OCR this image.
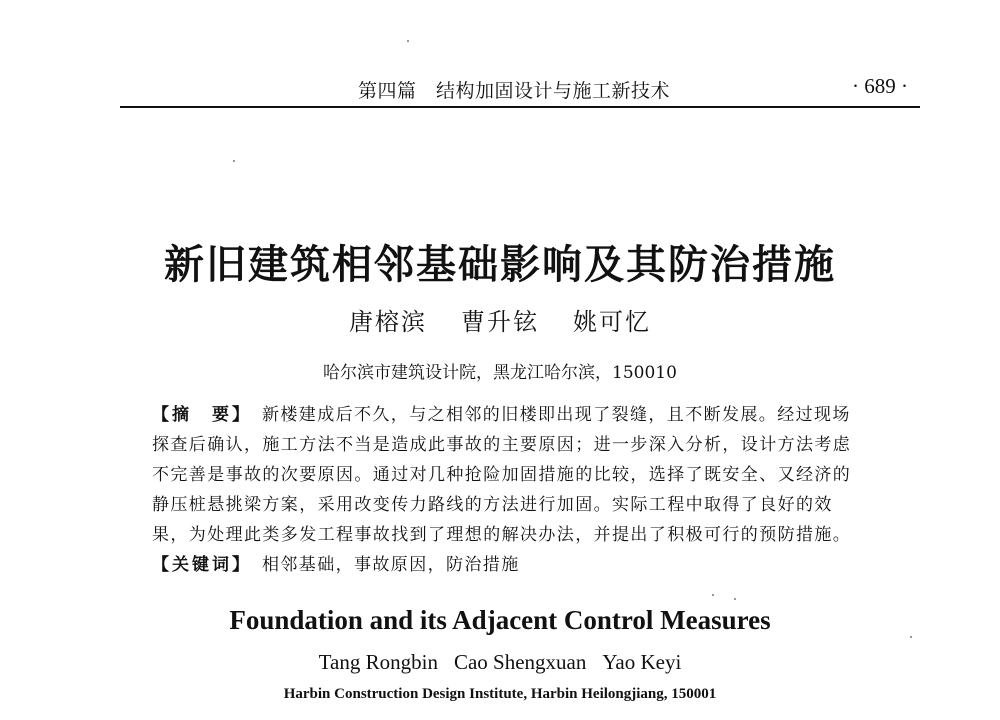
第四篇　结构加固设计与施工新技术	· 689 ·
新旧建筑相邻基础影响及其防治措施
唐榕滨 曹升铉 姚可忆
哈尔滨市建筑设计院，黑龙江哈尔滨，150010
【摘　要】 新楼建成后不久，与之相邻的旧楼即出现了裂缝，且不断发展。经过现场
探查后确认，施工方法不当是造成此事故的主要原因；进一步深入分析，设计方法考虑
不完善是事故的次要原因。通过对几种抢险加固措施的比较，选择了既安全、又经济的
静压桩悬挑梁方案，采用改变传力路线的方法进行加固。实际工程中取得了良好的效
果，为处理此类多发工程事故找到了理想的解决办法，并提出了积极可行的预防措施。
【关键词】 相邻基础，事故原因，防治措施
Foundation and its Adjacent Control Measures
Tang Rongbin Cao Shengxuan Yao Keyi
Harbin Construction Design Institute, Harbin Heilongjiang, 150001
